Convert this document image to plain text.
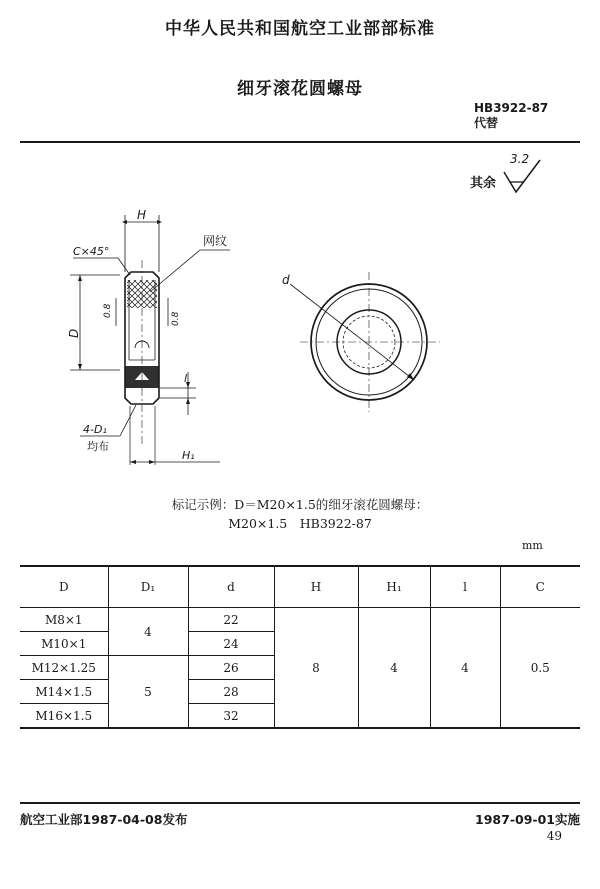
中华人民共和国航空工业部部标准
细牙滚花圆螺母
HB3922-87
代替
其余
3.2
H
C×45°
网纹
0.8
0.8
D
l
4-D₁
均布
H₁
d
标记示例：D＝M20×1.5的细牙滚花圆螺母：
M20×1.5　HB3922-87
mm
D	D₁	d	H	H₁	l	C
M8×1	4	22	8	4	4	0.5
M10×1		24				
M12×1.25	5	26				
M14×1.5		28				
M16×1.5		32				
航空工业部1987-04-08发布	1987-09-01实施
49
